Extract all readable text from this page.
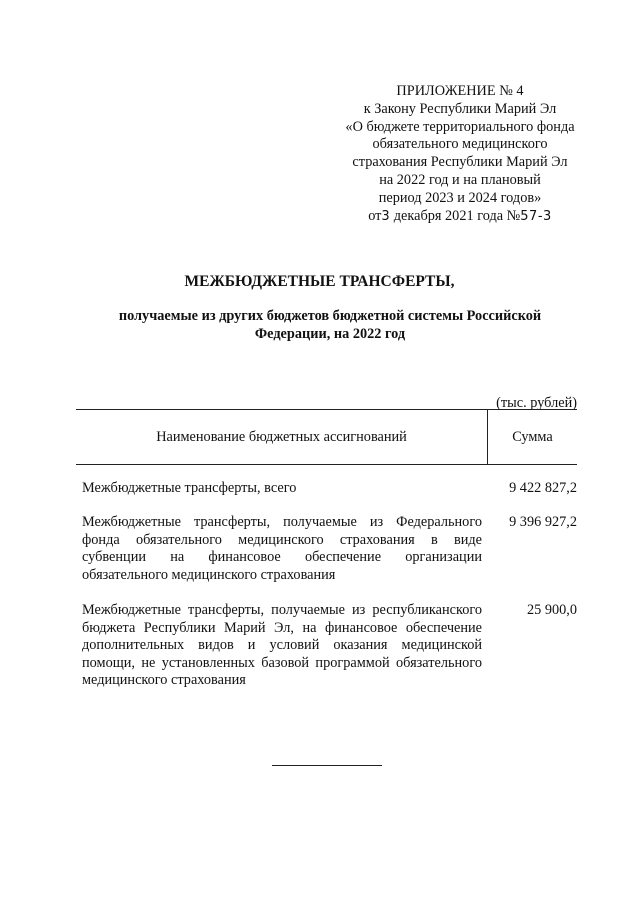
ПРИЛОЖЕНИЕ № 4
к Закону Республики Марий Эл
«О бюджете территориального фонда
обязательного медицинского
страхования Республики Марий Эл
на 2022 год и на плановый
период 2023 и 2024 годов»
от3 декабря 2021 года №57-3
МЕЖБЮДЖЕТНЫЕ ТРАНСФЕРТЫ,
получаемые из других бюджетов бюджетной системы Российской Федерации, на 2022 год
(тыс. рублей)
Наименование бюджетных ассигнований	Сумма
Межбюджетные трансферты, всего	9 422 827,2
Межбюджетные трансферты, получаемые из Федерального фонда обязательного медицинского страхования в виде субвенции на финансовое обеспечение организации обязательного медицинского страхования
9 396 927,2
Межбюджетные трансферты, получаемые из республиканского бюджета Республики Марий Эл, на финансовое обеспечение дополнительных видов и условий оказания медицинской помощи, не установленных базовой программой обязательного медицинского страхования
25 900,0
